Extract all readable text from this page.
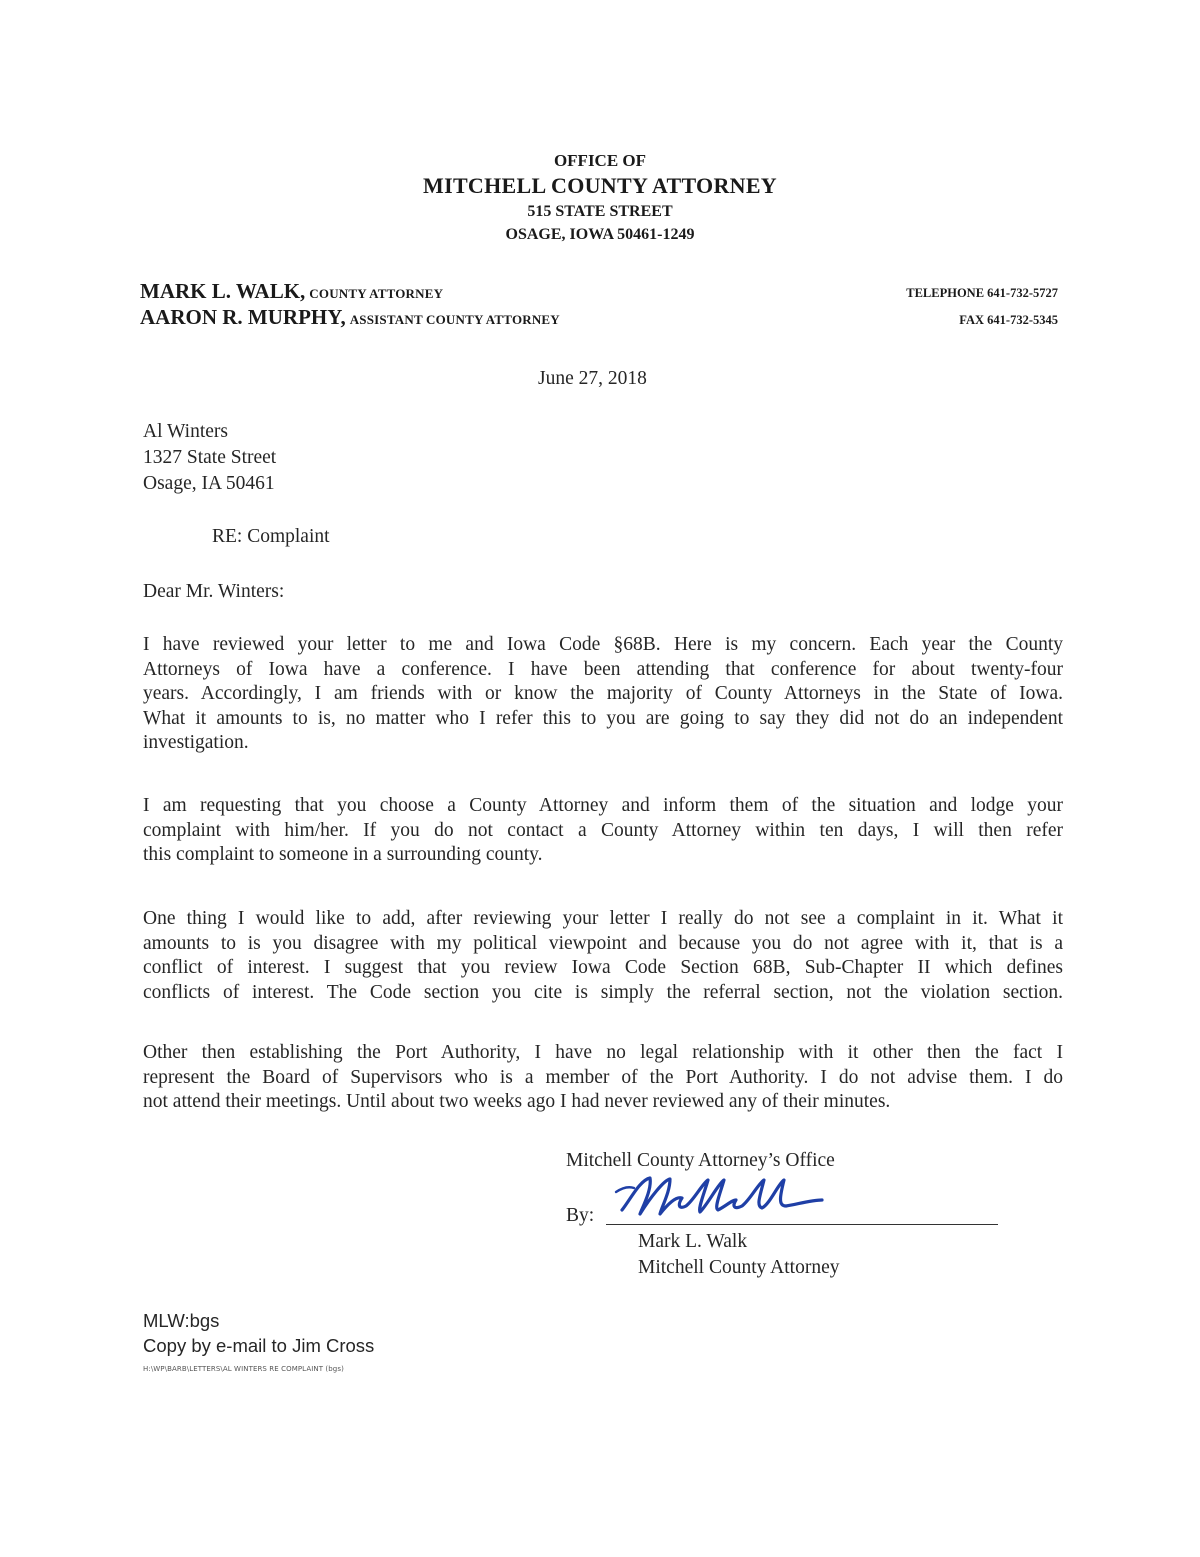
OFFICE OF
MITCHELL COUNTY ATTORNEY
515 STATE STREET
OSAGE, IOWA 50461-1249
MARK L. WALK, COUNTY ATTORNEY
AARON R. MURPHY, ASSISTANT COUNTY ATTORNEY
TELEPHONE 641-732-5727
FAX 641-732-5345
June 27, 2018
Al Winters
1327 State Street
Osage, IA 50461
RE: Complaint
Dear Mr. Winters:
I have reviewed your letter to me and Iowa Code §68B. Here is my concern. Each year the County
Attorneys of Iowa have a conference. I have been attending that conference for about twenty-four
years. Accordingly, I am friends with or know the majority of County Attorneys in the State of Iowa.
What it amounts to is, no matter who I refer this to you are going to say they did not do an independent
investigation.
I am requesting that you choose a County Attorney and inform them of the situation and lodge your
complaint with him/her. If you do not contact a County Attorney within ten days, I will then refer
this complaint to someone in a surrounding county.
One thing I would like to add, after reviewing your letter I really do not see a complaint in it. What it
amounts to is you disagree with my political viewpoint and because you do not agree with it, that is a
conflict of interest. I suggest that you review Iowa Code Section 68B, Sub-Chapter II which defines
conflicts of interest. The Code section you cite is simply the referral section, not the violation section.
Other then establishing the Port Authority, I have no legal relationship with it other then the fact I
represent the Board of Supervisors who is a member of the Port Authority. I do not advise them. I do
not attend their meetings. Until about two weeks ago I had never reviewed any of their minutes.
Mitchell County Attorney’s Office
By:
Mark L. Walk
Mitchell County Attorney
MLW:bgs
Copy by e-mail to Jim Cross
H:\WP\BARB\LETTERS\AL WINTERS RE COMPLAINT (bgs)
